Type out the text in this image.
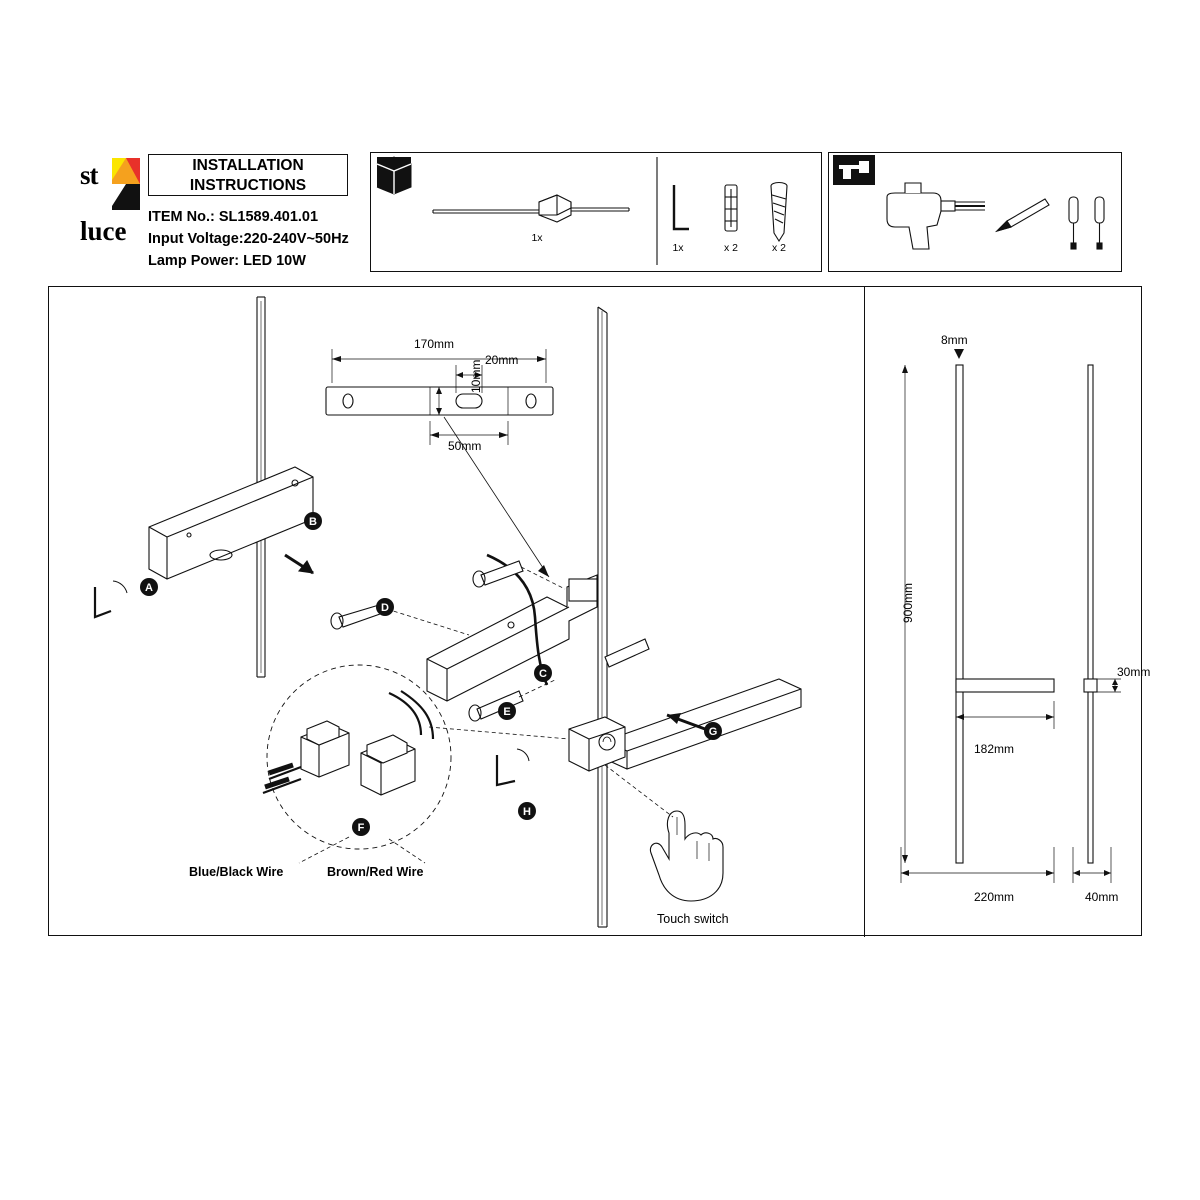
st
luce
INSTALLATION
INSTRUCTIONS
ITEM No.: SL1589.401.01
Input Voltage:220-240V~50Hz
Lamp Power: LED 10W
1x
1x	x 2	x 2
A
B
C
D
E
F
G
H
Blue/Black Wire	Brown/Red Wire
Touch switch
170mm
20mm
10mm
50mm
8mm
900mm
30mm
182mm
220mm	40mm
